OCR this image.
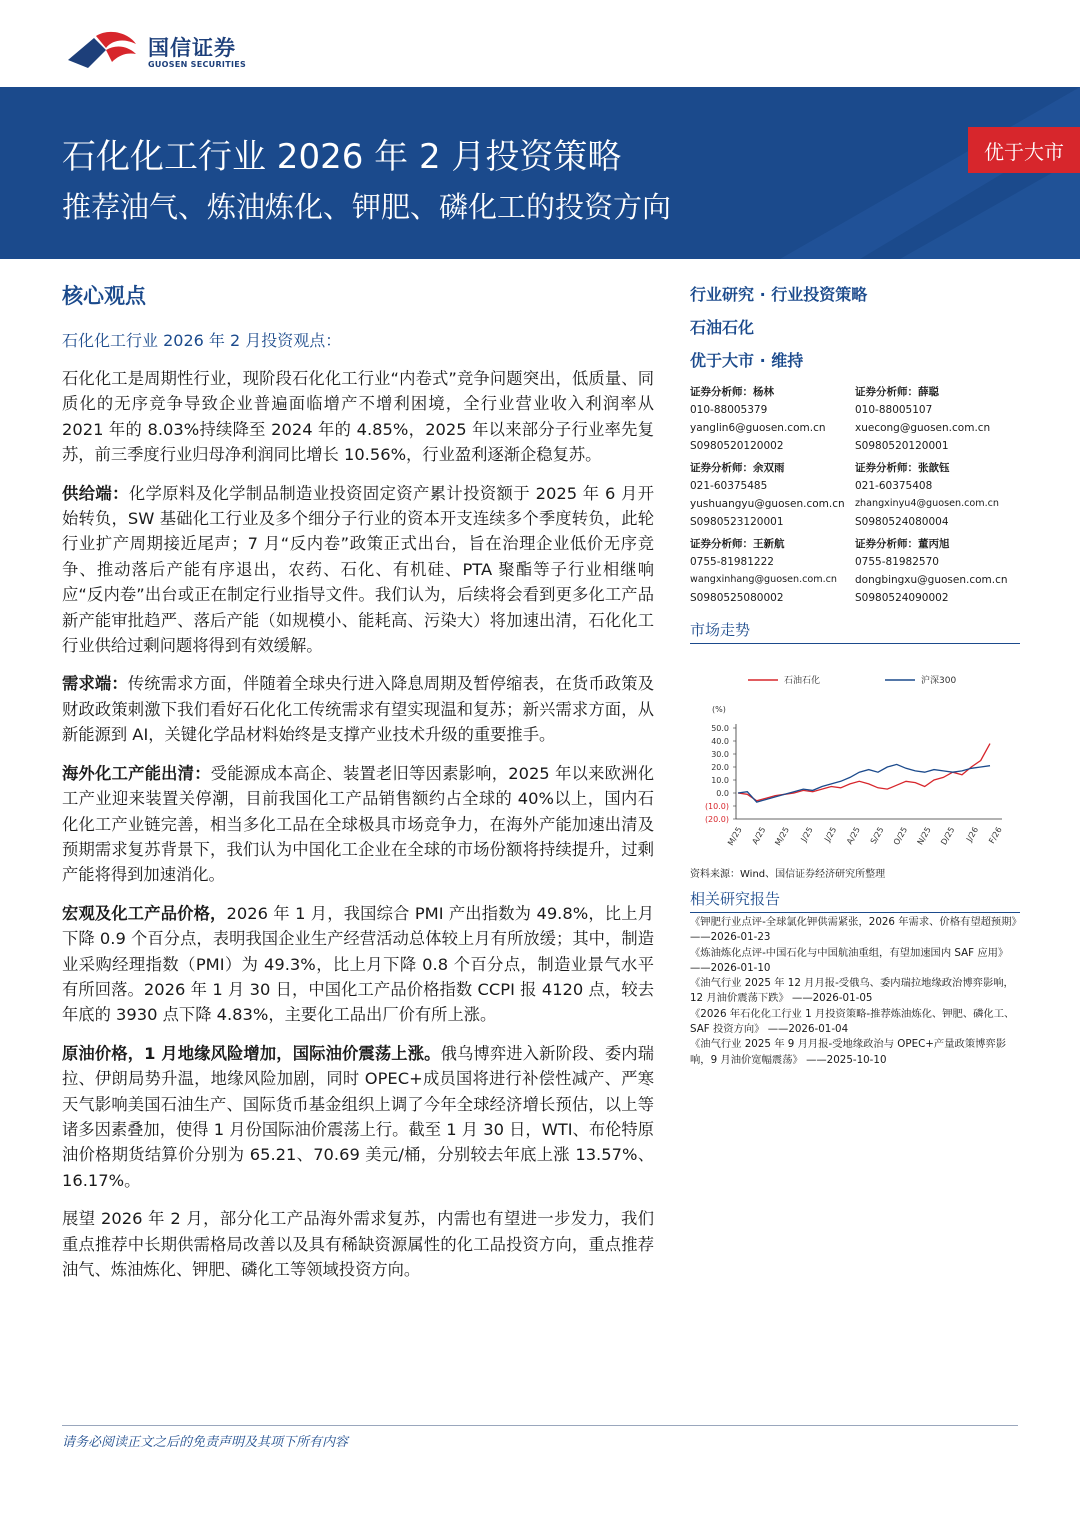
国信证券
GUOSEN SECURITIES
石化化工行业 2026 年 2 月投资策略
推荐油气、炼油炼化、钾肥、磷化工的投资方向
优于大市
核心观点
石化化工行业 2026 年 2 月投资观点：

石化化工是周期性行业，现阶段石化化工行业“内卷式”竞争问题突出，低质量、同质化的无序竞争导致企业普遍面临增产不增利困境，全行业营业收入利润率从 2021 年的 8.03%持续降至 2024 年的 4.85%，2025 年以来部分子行业率先复苏，前三季度行业归母净利润同比增长 10.56%，行业盈利逐渐企稳复苏。

供给端：化学原料及化学制品制造业投资固定资产累计投资额于 2025 年 6 月开始转负，SW 基础化工行业及多个细分子行业的资本开支连续多个季度转负，此轮行业扩产周期接近尾声；7 月“反内卷”政策正式出台，旨在治理企业低价无序竞争、推动落后产能有序退出，农药、石化、有机硅、PTA 聚酯等子行业相继响应“反内卷”出台或正在制定行业指导文件。我们认为，后续将会看到更多化工产品新产能审批趋严、落后产能（如规模小、能耗高、污染大）将加速出清，石化化工行业供给过剩问题将得到有效缓解。

需求端：传统需求方面，伴随着全球央行进入降息周期及暂停缩表，在货币政策及财政政策刺激下我们看好石化化工传统需求有望实现温和复苏；新兴需求方面，从新能源到 AI，关键化学品材料始终是支撑产业技术升级的重要推手。

海外化工产能出清：受能源成本高企、装置老旧等因素影响，2025 年以来欧洲化工产业迎来装置关停潮，目前我国化工产品销售额约占全球的 40%以上，国内石化化工产业链完善，相当多化工品在全球极具市场竞争力，在海外产能加速出清及预期需求复苏背景下，我们认为中国化工企业在全球的市场份额将持续提升，过剩产能将得到加速消化。

宏观及化工产品价格，2026 年 1 月，我国综合 PMI 产出指数为 49.8%，比上月下降 0.9 个百分点，表明我国企业生产经营活动总体较上月有所放缓；其中，制造业采购经理指数（PMI）为 49.3%，比上月下降 0.8 个百分点，制造业景气水平有所回落。2026 年 1 月 30 日，中国化工产品价格指数 CCPI 报 4120 点，较去年底的 3930 点下降 4.83%，主要化工品出厂价有所上涨。

原油价格，1 月地缘风险增加，国际油价震荡上涨。俄乌博弈进入新阶段、委内瑞拉、伊朗局势升温，地缘风险加剧，同时 OPEC+成员国将进行补偿性减产、严寒天气影响美国石油生产、国际货币基金组织上调了今年全球经济增长预估，以上等诸多因素叠加，使得 1 月份国际油价震荡上行。截至 1 月 30 日，WTI、布伦特原油价格期货结算价分别为 65.21、70.69 美元/桶，分别较去年底上涨 13.57%、16.17%。

展望 2026 年 2 月，部分化工产品海外需求复苏，内需也有望进一步发力，我们重点推荐中长期供需格局改善以及具有稀缺资源属性的化工品投资方向，重点推荐油气、炼油炼化、钾肥、磷化工等领域投资方向。

行业研究 · 行业投资策略
石油石化
优于大市 · 维持
证券分析师：杨林
010-88005379
yanglin6@guosen.com.cn
S0980520120002
证券分析师：薛聪
010-88005107
xuecong@guosen.com.cn
S0980520120001
证券分析师：余双雨
021-60375485
yushuangyu@guosen.com.cn
S0980523120001
证券分析师：张歆钰
021-60375408
zhangxinyu4@guosen.com.cn
S0980524080004
证券分析师：王新航
0755-81981222
wangxinhang@guosen.com.cn
S0980525080002
证券分析师：董丙旭
0755-81982570
dongbingxu@guosen.com.cn
S0980524090002
市场走势
石油石化	沪深300
(%)
50.0
40.0
30.0
20.0
10.0
0.0
(10.0)
(20.0)
M/25 A/25 M/25 J/25 J/25 A/25 S/25 O/25 N/25 D/25 J/26 F/26
资料来源：Wind、国信证券经济研究所整理
相关研究报告
《钾肥行业点评-全球氯化钾供需紧张，2026 年需求、价格有望超预期》 ——2026-01-23
《炼油炼化点评-中国石化与中国航油重组，有望加速国内 SAF 应用》 ——2026-01-10
《油气行业 2025 年 12 月月报-受俄乌、委内瑞拉地缘政治博弈影响，12 月油价震荡下跌》 ——2026-01-05
《2026 年石化化工行业 1 月投资策略-推荐炼油炼化、钾肥、磷化工、SAF 投资方向》 ——2026-01-04
《油气行业 2025 年 9 月月报-受地缘政治与 OPEC+产量政策博弈影响，9 月油价宽幅震荡》 ——2025-10-10
请务必阅读正文之后的免责声明及其项下所有内容
